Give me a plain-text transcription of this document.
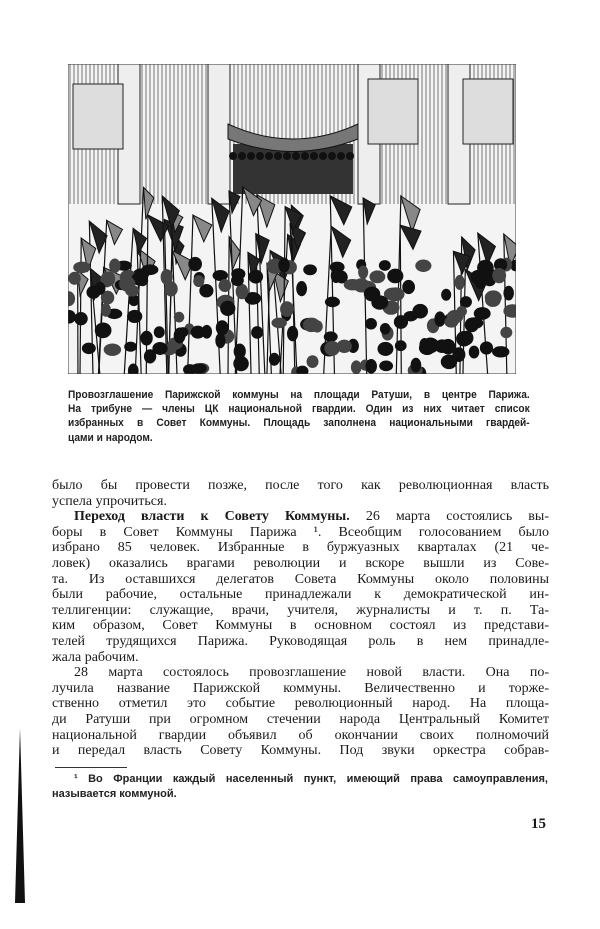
Провозглашение Парижской коммуны на площади Ратуши, в центре Парижа.
На трибуне — члены ЦК национальной гвардии. Один из них читает список
избранных в Совет Коммуны. Площадь заполнена национальными гвардей-
цами и народом.
было бы провести позже, после того как революционная власть
успела упрочиться.
Переход власти к Совету Коммуны. 26 марта состоялись вы-
боры в Совет Коммуны Парижа ¹. Всеобщим голосованием было
избрано 85 человек. Избранные в буржуазных кварталах (21 че-
ловек) оказались врагами революции и вскоре вышли из Сове-
та. Из оставшихся делегатов Совета Коммуны около половины
были рабочие, остальные принадлежали к демократической ин-
теллигенции: служащие, врачи, учителя, журналисты и т. п. Та-
ким образом, Совет Коммуны в основном состоял из представи-
телей трудящихся Парижа. Руководящая роль в нем принадле-
жала рабочим.
28 марта состоялось провозглашение новой власти. Она по-
лучила название Парижской коммуны. Величественно и торже-
ственно отметил это событие революционный народ. На площа-
ди Ратуши при огромном стечении народа Центральный Комитет
национальной гвардии объявил об окончании своих полномочий
и передал власть Совету Коммуны. Под звуки оркестра собрав-
¹ Во Франции каждый населенный пункт, имеющий права самоуправления,
называется коммуной.
15
